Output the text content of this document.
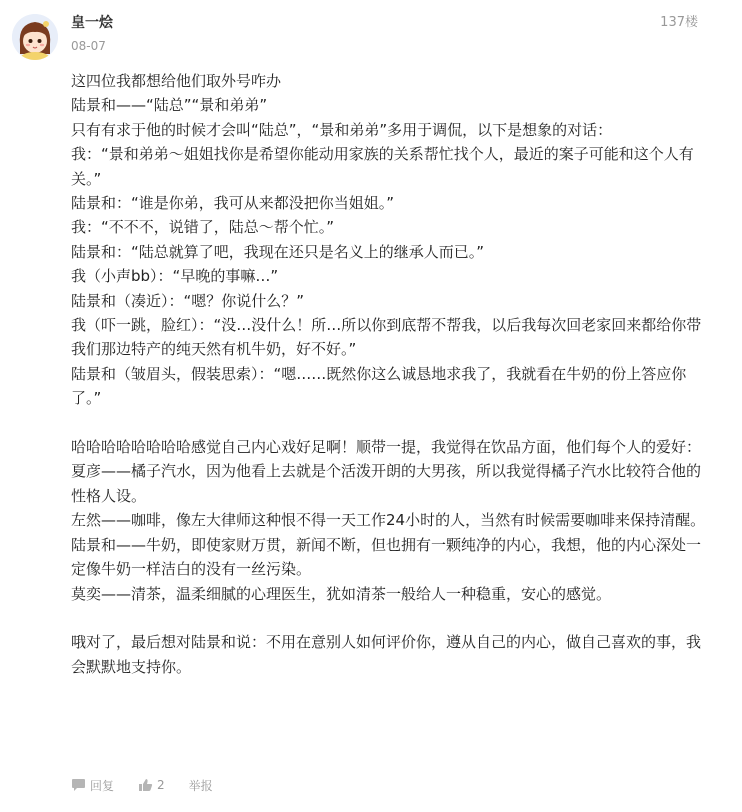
皇一烩
08-07
137楼

这四位我都想给他们取外号咋办

陆景和——“陆总”“景和弟弟”

只有有求于他的时候才会叫“陆总”，“景和弟弟”多用于调侃，以下是想象的对话：

我：“景和弟弟～姐姐找你是希望你能动用家族的关系帮忙找个人，最近的案子可能和这个人有关。”

陆景和：“谁是你弟，我可从来都没把你当姐姐。”

我：“不不不，说错了，陆总～帮个忙。”

陆景和：“陆总就算了吧，我现在还只是名义上的继承人而已。”

我（小声bb）：“早晚的事嘛…”

陆景和（凑近）：“嗯？你说什么？”

我（吓一跳，脸红）：“没…没什么！所…所以你到底帮不帮我，以后我每次回老家回来都给你带我们那边特产的纯天然有机牛奶，好不好。”

陆景和（皱眉头，假装思索）：“嗯……既然你这么诚恳地求我了，我就看在牛奶的份上答应你了。”

哈哈哈哈哈哈哈哈感觉自己内心戏好足啊！顺带一提，我觉得在饮品方面，他们每个人的爱好：

夏彦——橘子汽水，因为他看上去就是个活泼开朗的大男孩，所以我觉得橘子汽水比较符合他的性格人设。

左然——咖啡，像左大律师这种恨不得一天工作24小时的人，当然有时候需要咖啡来保持清醒。

陆景和——牛奶，即使家财万贯，新闻不断，但也拥有一颗纯净的内心，我想，他的内心深处一定像牛奶一样洁白的没有一丝污染。

莫奕——清茶，温柔细腻的心理医生，犹如清茶一般给人一种稳重，安心的感觉。

哦对了，最后想对陆景和说：不用在意别人如何评价你，遵从自己的内心，做自己喜欢的事，我会默默地支持你。

回复	2 举报
